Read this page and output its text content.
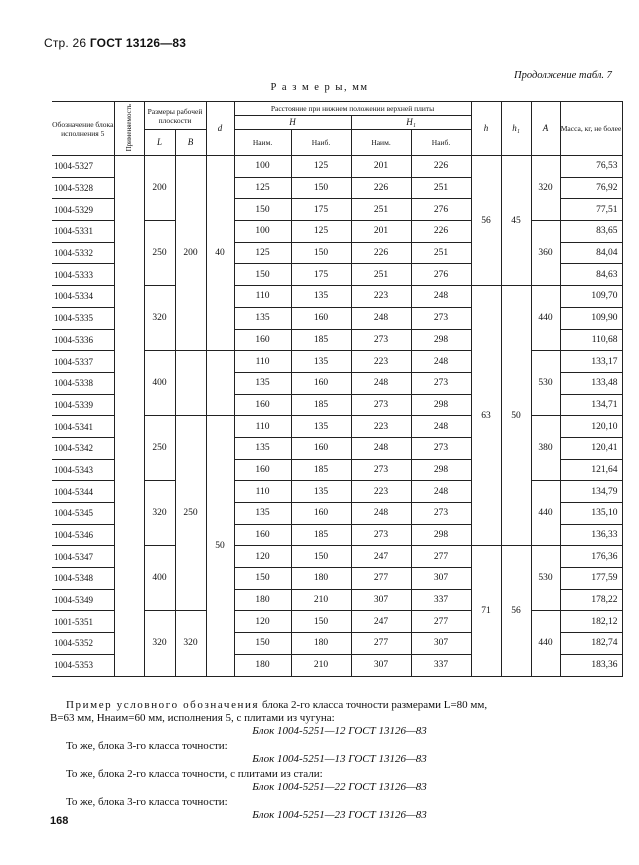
Стр. 26 ГОСТ 13126—83
Продолжение табл. 7
Р а з м е р ы, мм
Обозначение блока исполнения 5	Применяемость	Размеры рабочей плоскости		d	Расстояние при нижнем положении верхней плиты				h	h₁	A	Масса, кг, не более
					H		H₁					
		L	B		Наим.	Наиб.	Наим.	Наиб.				
1004-5327		200	200	40	100	125	201	226	56	45	320	76,53
1004-5328					125	150	226	251				76,92
1004-5329					150	175	251	276				77,51
1004-5331		250			100	125	201	226			360	83,65
1004-5332					125	150	226	251				84,04
1004-5333					150	175	251	276				84,63
1004-5334		320			110	135	223	248	63	50	440	109,70
1004-5335					135	160	248	273				109,90
1004-5336					160	185	273	298				110,68
1004-5337		400			110	135	223	248			530	133,17
1004-5338					135	160	248	273				133,48
1004-5339					160	185	273	298				134,71
1004-5341		250	250	50	110	135	223	248			380	120,10
1004-5342					135	160	248	273				120,41
1004-5343					160	185	273	298				121,64
1004-5344		320			110	135	223	248			440	134,79
1004-5345					135	160	248	273				135,10
1004-5346					160	185	273	298				136,33
1004-5347		400			120	150	247	277	71	56	530	176,36
1004-5348					150	180	277	307				177,59
1004-5349					180	210	307	337				178,22
1001-5351		320	320		120	150	247	277			440	182,12
1004-5352					150	180	277	307				182,74
1004-5353					180	210	307	337				183,36
Пример условного обозначения блока 2-го класса точности размерами L=80 мм,
B=63 мм, Hнаим=60 мм, исполнения 5, с плитами из чугуна:
Блок 1004-5251—12 ГОСТ 13126—83
То же, блока 3-го класса точности:
Блок 1004-5251—13 ГОСТ 13126—83
То же, блока 2-го класса точности, с плитами из стали:
Блок 1004-5251—22 ГОСТ 13126—83
То же, блока 3-го класса точности:
Блок 1004-5251—23 ГОСТ 13126—83
168
